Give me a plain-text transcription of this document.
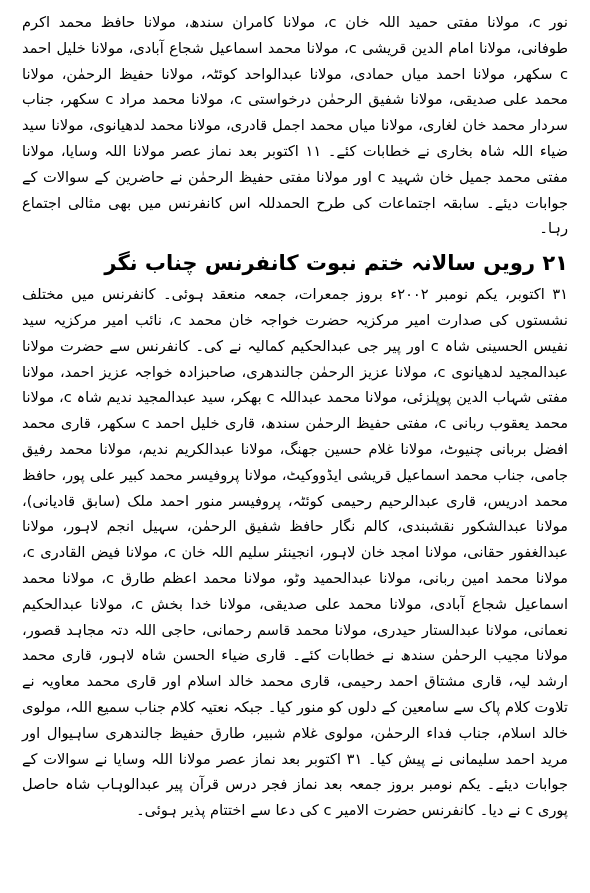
نور c، مولانا مفتی حمید اللہ خان c، مولانا کامران سندھ، مولانا حافظ محمد اکرم طوفانی، مولانا امام الدین قریشی c، مولانا محمد اسماعیل شجاع آبادی، مولانا خلیل احمد c سکھر، مولانا احمد میاں حمادی، مولانا عبدالواحد کوئٹہ، مولانا حفیظ الرحمٰن، مولانا محمد علی صدیقی، مولانا شفیق الرحمٰن درخواستی c، مولانا محمد مراد c سکھر، جناب سردار محمد خان لغاری، مولانا میاں محمد اجمل قادری، مولانا محمد لدھیانوی، مولانا سید ضیاء اللہ شاہ بخاری نے خطابات کئے۔ ۱۱ اکتوبر بعد نماز عصر مولانا اللہ وسایا، مولانا مفتی محمد جمیل خان شہید c اور مولانا مفتی حفیظ الرحمٰن نے حاضرین کے سوالات کے جوابات دیئے۔ سابقہ اجتماعات کی طرح الحمدللہ اس کانفرنس میں بھی مثالی اجتماع رہا۔

۲۱ رویں سالانہ ختم نبوت کانفرنس چناب نگر

۳۱ اکتوبر، یکم نومبر ۲۰۰۲ء بروز جمعرات، جمعہ منعقد ہوئی۔ کانفرنس میں مختلف نشستوں کی صدارت امیر مرکزیہ حضرت خواجہ خان محمد c، نائب امیر مرکزیہ سید نفیس الحسینی شاہ c اور پیر جی عبدالحکیم کمالیہ نے کی۔ کانفرنس سے حضرت مولانا عبدالمجید لدھیانوی c، مولانا عزیز الرحمٰن جالندھری، صاحبزادہ خواجہ عزیز احمد، مولانا مفتی شہاب الدین پوپلزئی، مولانا محمد عبداللہ c بھکر، سید عبدالمجید ندیم شاہ c، مولانا محمد یعقوب ربانی c، مفتی حفیظ الرحمٰن سندھ، قاری خلیل احمد c سکھر، قاری محمد افضل بربانی چنیوٹ، مولانا غلام حسین جھنگ، مولانا عبدالکریم ندیم، مولانا محمد رفیق جامی، جناب محمد اسماعیل قریشی ایڈووکیٹ، مولانا پروفیسر محمد کبیر علی پور، حافظ محمد ادریس، قاری عبدالرحیم رحیمی کوئٹہ، پروفیسر منور احمد ملک (سابق قادیانی)، مولانا عبدالشکور نقشبندی، کالم نگار حافظ شفیق الرحمٰن، سہیل انجم لاہور، مولانا عبدالغفور حقانی، مولانا امجد خان لاہور، انجینئر سلیم اللہ خان c، مولانا فیض القادری c، مولانا محمد امین ربانی، مولانا عبدالحمید وٹو، مولانا محمد اعظم طارق c، مولانا محمد اسماعیل شجاع آبادی، مولانا محمد علی صدیقی، مولانا خدا بخش c، مولانا عبدالحکیم نعمانی، مولانا عبدالستار حیدری، مولانا محمد قاسم رحمانی، حاجی اللہ دتہ مجاہد قصور، مولانا مجیب الرحمٰن سندھ نے خطابات کئے۔ قاری ضیاء الحسن شاہ لاہور، قاری محمد ارشد لیہ، قاری مشتاق احمد رحیمی، قاری محمد خالد اسلام اور قاری محمد معاویہ نے تلاوت کلام پاک سے سامعین کے دلوں کو منور کیا۔ جبکہ نعتیہ کلام جناب سمیع اللہ، مولوی خالد اسلام، جناب فداء الرحمٰن، مولوی غلام شبیر، طارق حفیظ جالندھری ساہیوال اور مرید احمد سلیمانی نے پیش کیا۔ ۳۱ اکتوبر بعد نماز عصر مولانا اللہ وسایا نے سوالات کے جوابات دیئے۔ یکم نومبر بروز جمعہ بعد نماز فجر درس قرآن پیر عبدالوہاب شاہ حاصل پوری c نے دیا۔ کانفرنس حضرت الامیر c کی دعا سے اختتام پذیر ہوئی۔
